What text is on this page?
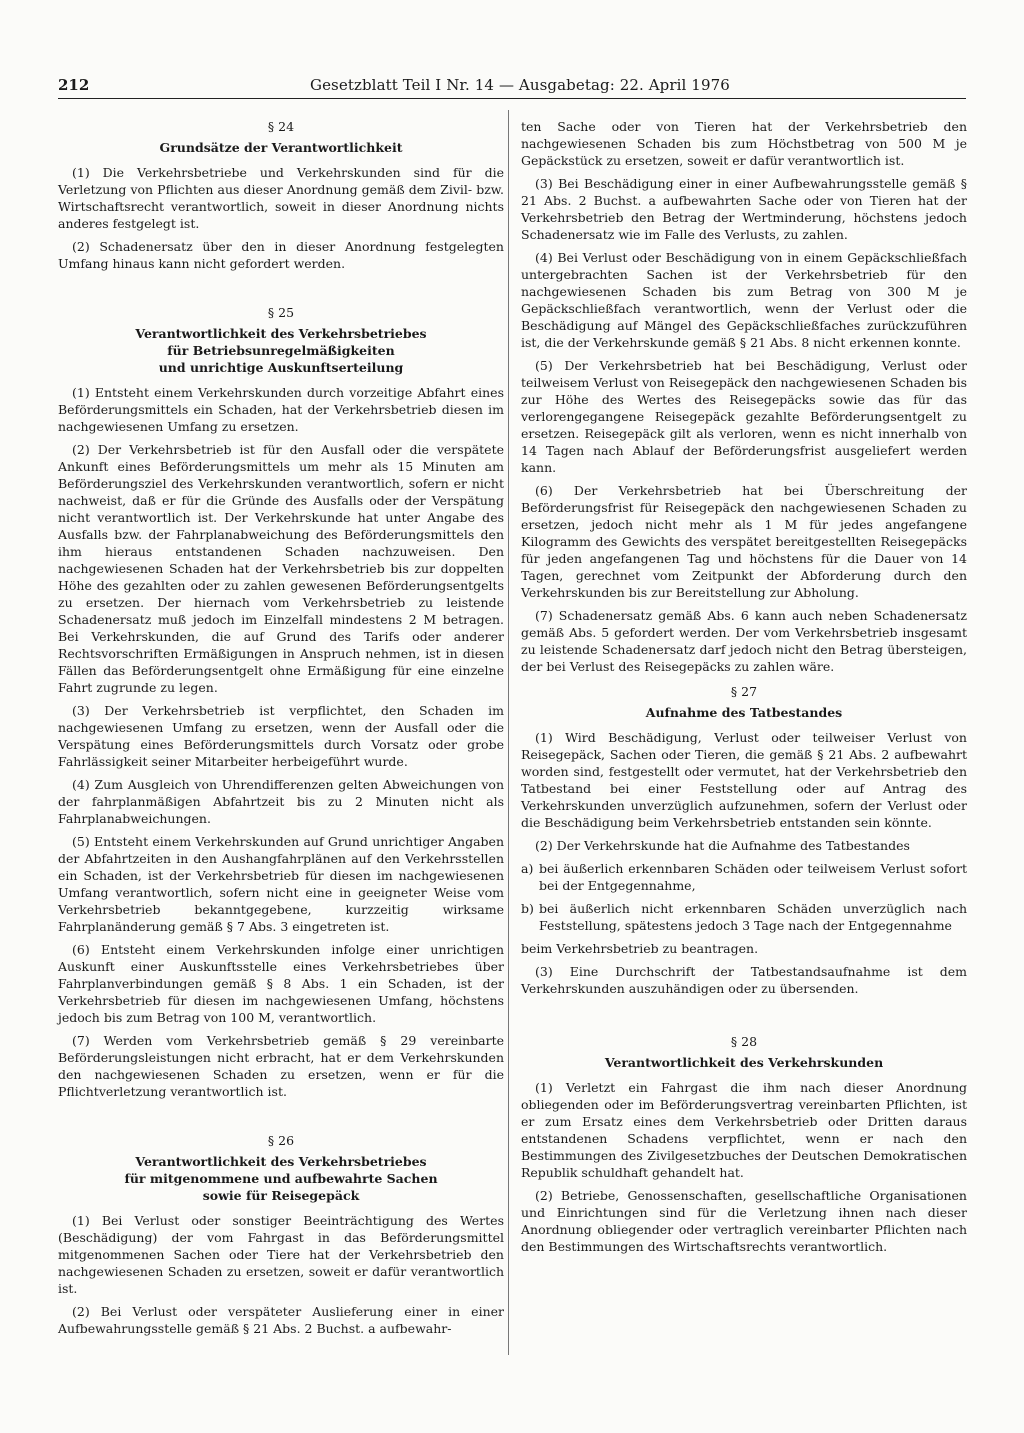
212	Gesetzblatt Teil I Nr. 14 — Ausgabetag: 22. April 1976
§ 24
Grundsätze der Verantwortlichkeit

(1) Die Verkehrsbetriebe und Verkehrskunden sind für die Verletzung von Pflichten aus dieser Anordnung gemäß dem Zivil- bzw. Wirtschaftsrecht verantwortlich, soweit in dieser Anordnung nichts anderes festgelegt ist.

(2) Schadenersatz über den in dieser Anordnung festgelegten Umfang hinaus kann nicht gefordert werden.

§ 25
Verantwortlichkeit des Verkehrsbetriebes
für Betriebsunregelmäßigkeiten
und unrichtige Auskunftserteilung

(1) Entsteht einem Verkehrskunden durch vorzeitige Abfahrt eines Beförderungsmittels ein Schaden, hat der Verkehrsbetrieb diesen im nachgewiesenen Umfang zu ersetzen.

(2) Der Verkehrsbetrieb ist für den Ausfall oder die verspätete Ankunft eines Beförderungsmittels um mehr als 15 Minuten am Beförderungsziel des Verkehrskunden verantwortlich, sofern er nicht nachweist, daß er für die Gründe des Ausfalls oder der Verspätung nicht verantwortlich ist. Der Verkehrskunde hat unter Angabe des Ausfalls bzw. der Fahrplanabweichung des Beförderungsmittels den ihm hieraus entstandenen Schaden nachzuweisen. Den nachgewiesenen Schaden hat der Verkehrsbetrieb bis zur doppelten Höhe des gezahlten oder zu zahlen gewesenen Beförderungsentgelts zu ersetzen. Der hiernach vom Verkehrsbetrieb zu leistende Schadenersatz muß jedoch im Einzelfall mindestens 2 M betragen. Bei Verkehrskunden, die auf Grund des Tarifs oder anderer Rechtsvorschriften Ermäßigungen in Anspruch nehmen, ist in diesen Fällen das Beförderungsentgelt ohne Ermäßigung für eine einzelne Fahrt zugrunde zu legen.

(3) Der Verkehrsbetrieb ist verpflichtet, den Schaden im nachgewiesenen Umfang zu ersetzen, wenn der Ausfall oder die Verspätung eines Beförderungsmittels durch Vorsatz oder grobe Fahrlässigkeit seiner Mitarbeiter herbeigeführt wurde.

(4) Zum Ausgleich von Uhrendifferenzen gelten Abweichungen von der fahrplanmäßigen Abfahrtzeit bis zu 2 Minuten nicht als Fahrplanabweichungen.

(5) Entsteht einem Verkehrskunden auf Grund unrichtiger Angaben der Abfahrtzeiten in den Aushangfahrplänen auf den Verkehrsstellen ein Schaden, ist der Verkehrsbetrieb für diesen im nachgewiesenen Umfang verantwortlich, sofern nicht eine in geeigneter Weise vom Verkehrsbetrieb bekanntgegebene, kurzzeitig wirksame Fahrplanänderung gemäß § 7 Abs. 3 eingetreten ist.

(6) Entsteht einem Verkehrskunden infolge einer unrichtigen Auskunft einer Auskunftsstelle eines Verkehrsbetriebes über Fahrplanverbindungen gemäß § 8 Abs. 1 ein Schaden, ist der Verkehrsbetrieb für diesen im nachgewiesenen Umfang, höchstens jedoch bis zum Betrag von 100 M, verantwortlich.

(7) Werden vom Verkehrsbetrieb gemäß § 29 vereinbarte Beförderungsleistungen nicht erbracht, hat er dem Verkehrskunden den nachgewiesenen Schaden zu ersetzen, wenn er für die Pflichtverletzung verantwortlich ist.

§ 26
Verantwortlichkeit des Verkehrsbetriebes
für mitgenommene und aufbewahrte Sachen
sowie für Reisegepäck

(1) Bei Verlust oder sonstiger Beeinträchtigung des Wertes (Beschädigung) der vom Fahrgast in das Beförderungsmittel mitgenommenen Sachen oder Tiere hat der Verkehrsbetrieb den nachgewiesenen Schaden zu ersetzen, soweit er dafür verantwortlich ist.

(2) Bei Verlust oder verspäteter Auslieferung einer in einer Aufbewahrungsstelle gemäß § 21 Abs. 2 Buchst. a aufbewahr-

ten Sache oder von Tieren hat der Verkehrsbetrieb den nachgewiesenen Schaden bis zum Höchstbetrag von 500 M je Gepäckstück zu ersetzen, soweit er dafür verantwortlich ist.

(3) Bei Beschädigung einer in einer Aufbewahrungsstelle gemäß § 21 Abs. 2 Buchst. a aufbewahrten Sache oder von Tieren hat der Verkehrsbetrieb den Betrag der Wertminderung, höchstens jedoch Schadenersatz wie im Falle des Verlusts, zu zahlen.

(4) Bei Verlust oder Beschädigung von in einem Gepäckschließfach untergebrachten Sachen ist der Verkehrsbetrieb für den nachgewiesenen Schaden bis zum Betrag von 300 M je Gepäckschließfach verantwortlich, wenn der Verlust oder die Beschädigung auf Mängel des Gepäckschließfaches zurückzuführen ist, die der Verkehrskunde gemäß § 21 Abs. 8 nicht erkennen konnte.

(5) Der Verkehrsbetrieb hat bei Beschädigung, Verlust oder teilweisem Verlust von Reisegepäck den nachgewiesenen Schaden bis zur Höhe des Wertes des Reisegepäcks sowie das für das verlorengegangene Reisegepäck gezahlte Beförderungsentgelt zu ersetzen. Reisegepäck gilt als verloren, wenn es nicht innerhalb von 14 Tagen nach Ablauf der Beförderungsfrist ausgeliefert werden kann.

(6) Der Verkehrsbetrieb hat bei Überschreitung der Beförderungsfrist für Reisegepäck den nachgewiesenen Schaden zu ersetzen, jedoch nicht mehr als 1 M für jedes angefangene Kilogramm des Gewichts des verspätet bereitgestellten Reisegepäcks für jeden angefangenen Tag und höchstens für die Dauer von 14 Tagen, gerechnet vom Zeitpunkt der Abforderung durch den Verkehrskunden bis zur Bereitstellung zur Abholung.

(7) Schadenersatz gemäß Abs. 6 kann auch neben Schadenersatz gemäß Abs. 5 gefordert werden. Der vom Verkehrsbetrieb insgesamt zu leistende Schadenersatz darf jedoch nicht den Betrag übersteigen, der bei Verlust des Reisegepäcks zu zahlen wäre.

§ 27
Aufnahme des Tatbestandes

(1) Wird Beschädigung, Verlust oder teilweiser Verlust von Reisegepäck, Sachen oder Tieren, die gemäß § 21 Abs. 2 aufbewahrt worden sind, festgestellt oder vermutet, hat der Verkehrsbetrieb den Tatbestand bei einer Feststellung oder auf Antrag des Verkehrskunden unverzüglich aufzunehmen, sofern der Verlust oder die Beschädigung beim Verkehrsbetrieb entstanden sein könnte.

(2) Der Verkehrskunde hat die Aufnahme des Tatbestandes

a) bei äußerlich erkennbaren Schäden oder teilweisem Verlust sofort bei der Entgegennahme,
b) bei äußerlich nicht erkennbaren Schäden unverzüglich nach Feststellung, spätestens jedoch 3 Tage nach der Entgegennahme

beim Verkehrsbetrieb zu beantragen.

(3) Eine Durchschrift der Tatbestandsaufnahme ist dem Verkehrskunden auszuhändigen oder zu übersenden.

§ 28
Verantwortlichkeit des Verkehrskunden

(1) Verletzt ein Fahrgast die ihm nach dieser Anordnung obliegenden oder im Beförderungsvertrag vereinbarten Pflichten, ist er zum Ersatz eines dem Verkehrsbetrieb oder Dritten daraus entstandenen Schadens verpflichtet, wenn er nach den Bestimmungen des Zivilgesetzbuches der Deutschen Demokratischen Republik schuldhaft gehandelt hat.

(2) Betriebe, Genossenschaften, gesellschaftliche Organisationen und Einrichtungen sind für die Verletzung ihnen nach dieser Anordnung obliegender oder vertraglich vereinbarter Pflichten nach den Bestimmungen des Wirtschaftsrechts verantwortlich.
